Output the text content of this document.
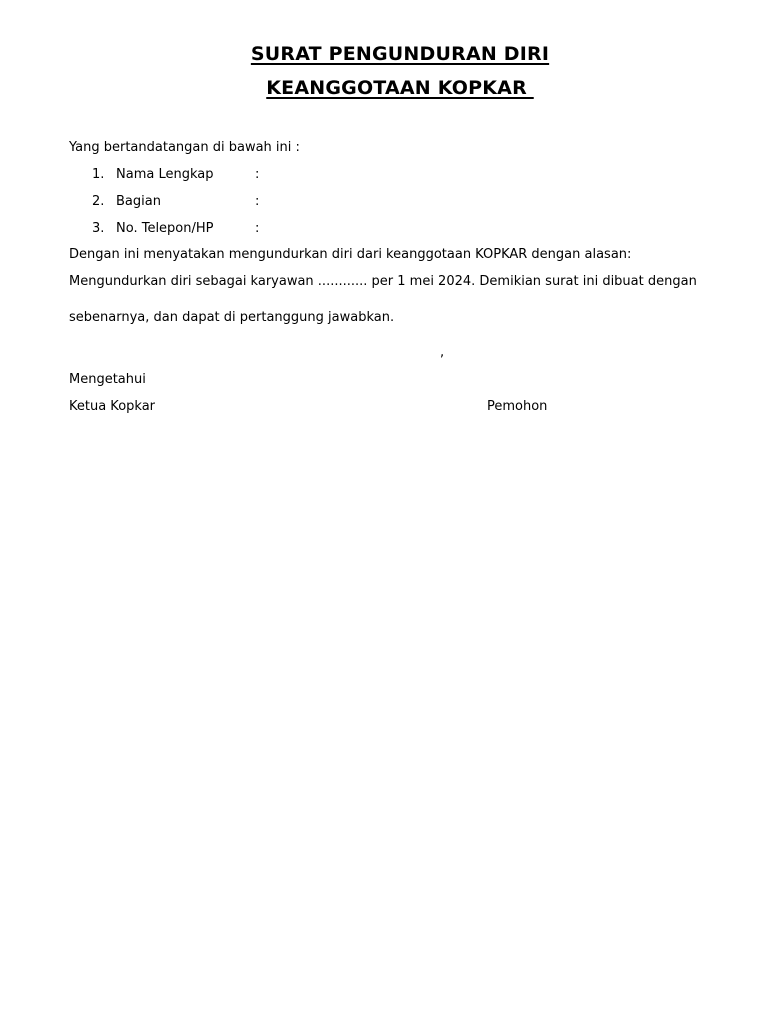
SURAT PENGUNDURAN DIRI
KEANGGOTAAN KOPKAR
Yang bertandatangan di bawah ini :
1. Nama Lengkap	:
2. Bagian	:
3. No. Telepon/HP	:
Dengan ini menyatakan mengundurkan diri dari keanggotaan KOPKAR dengan alasan:
Mengundurkan diri sebagai karyawan ............ per 1 mei 2024. Demikian surat ini dibuat dengan
sebenarnya, dan dapat di pertanggung jawabkan.
,
Mengetahui
Ketua Kopkar	Pemohon
